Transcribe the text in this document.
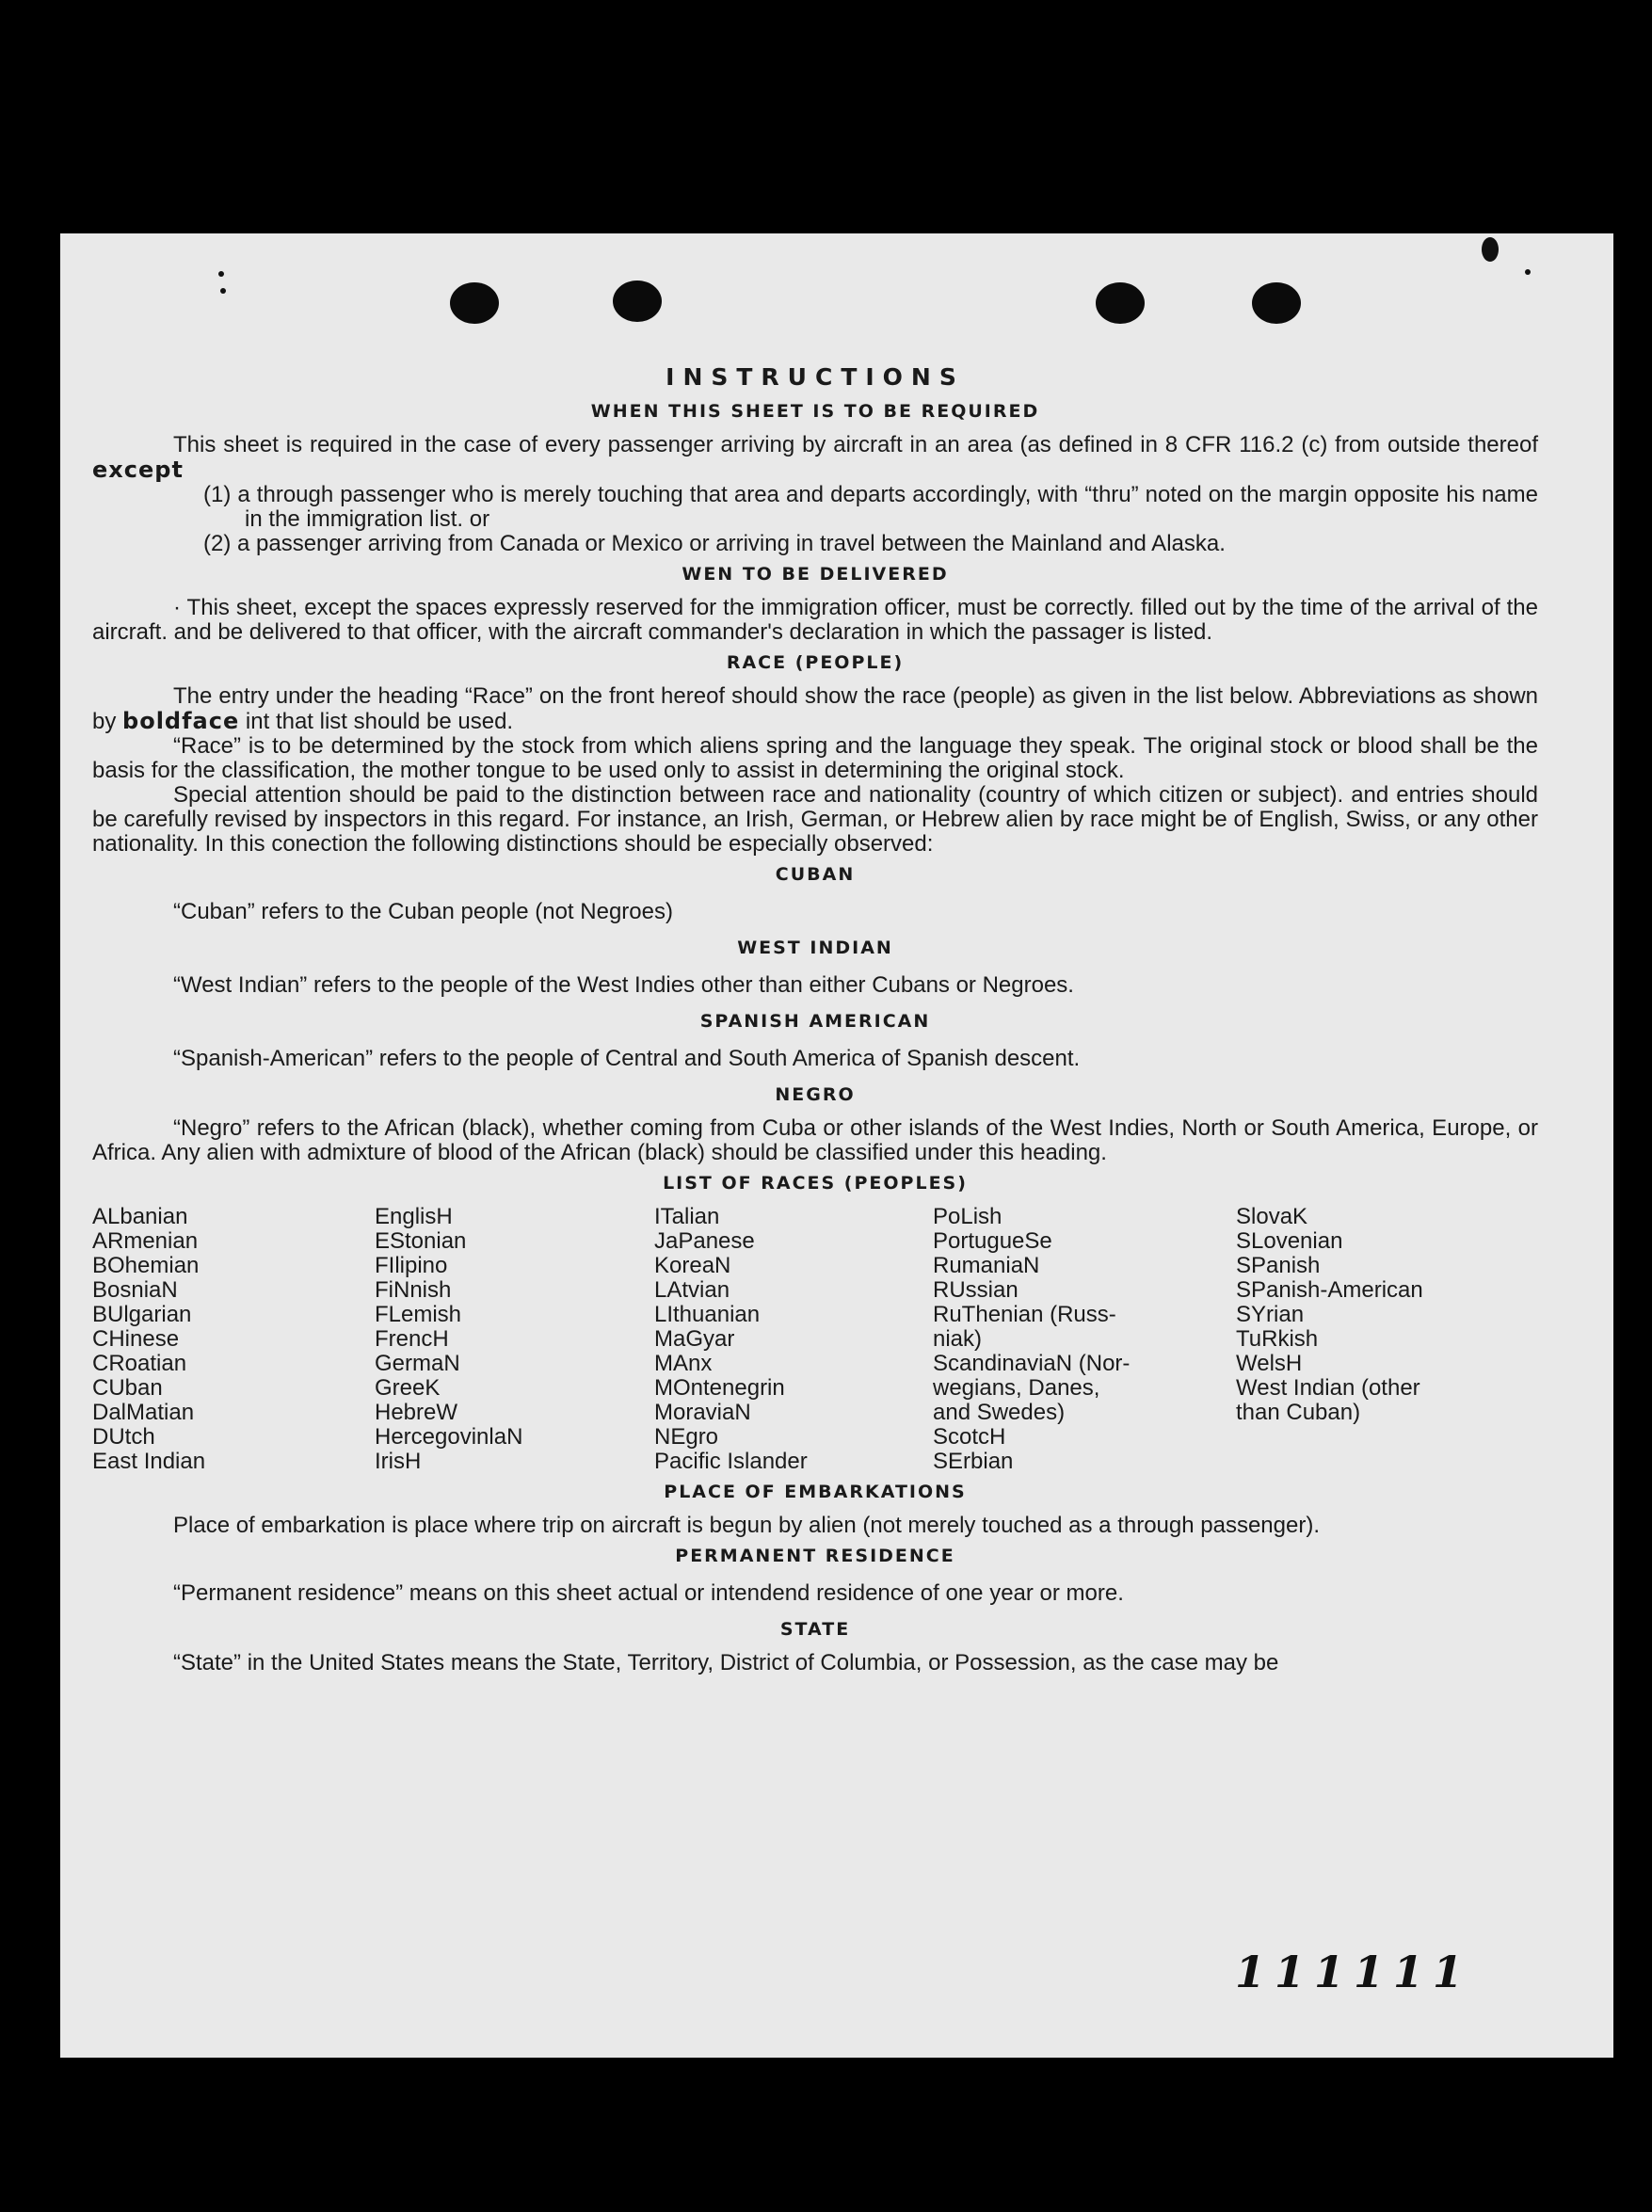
INSTRUCTIONS
WHEN THIS SHEET IS TO BE REQUIRED

This sheet is required in the case of every passenger arriving by aircraft in an area (as defined in 8 CFR 116.2 (c) from outside thereof except

(1) a through passenger who is merely touching that area and departs accordingly, with “thru” noted on the margin opposite his name in the immigration list. or

(2) a passenger arriving from Canada or Mexico or arriving in travel between the Mainland and Alaska.

WEN TO BE DELIVERED

· This sheet, except the spaces expressly reserved for the immigration officer, must be correctly. filled out by the time of the arrival of the aircraft. and be delivered to that officer, with the aircraft commander's declaration in which the passager is listed.

RACE (PEOPLE)

The entry under the heading “Race” on the front hereof should show the race (people) as given in the list below. Abbreviations as shown by boldface int that list should be used.

“Race” is to be determined by the stock from which aliens spring and the language they speak. The original stock or blood shall be the basis for the classification, the mother tongue to be used only to assist in determining the original stock.

Special attention should be paid to the distinction between race and nationality (country of which citizen or subject). and entries should be carefully revised by inspectors in this regard. For instance, an Irish, German, or Hebrew alien by race might be of English, Swiss, or any other nationality. In this conection the following distinctions should be especially observed:

CUBAN

“Cuban” refers to the Cuban people (not Negroes)

WEST INDIAN

“West Indian” refers to the people of the West Indies other than either Cubans or Negroes.

SPANISH AMERICAN

“Spanish-American” refers to the people of Central and South America of Spanish descent.

NEGRO

“Negro” refers to the African (black), whether coming from Cuba or other islands of the West Indies, North or South America, Europe, or Africa. Any alien with admixture of blood of the African (black) should be classified under this heading.

LIST OF RACES (PEOPLES)
ALbanian
ARmenian
BOhemian
BosniaN
BUlgarian
CHinese
CRoatian
CUban
DalMatian
DUtch
East Indian
EnglisH
EStonian
FIlipino
FiNnish
FLemish
FrencH
GermaN
GreeK
HebreW
HercegovinlaN
IrisH
ITalian
JaPanese
KoreaN
LAtvian
LIthuanian
MaGyar
MAnx
MOntenegrin
MoraviaN
NEgro
Pacific Islander
PoLish
PortugueSe
RumaniaN
RUssian
RuThenian (Russ-
niak)
ScandinaviaN (Nor-
wegians, Danes,
and Swedes)
ScotcH
SErbian
SlovaK
SLovenian
SPanish
SPanish-American
SYrian
TuRkish
WelsH
West Indian (other
than Cuban)
PLACE OF EMBARKATIONS

Place of embarkation is place where trip on aircraft is begun by alien (not merely touched as a through passenger).

PERMANENT RESIDENCE

“Permanent residence” means on this sheet actual or intendend residence of one year or more.

STATE

“State” in the United States means the State, Territory, District of Columbia, or Possession, as the case may be

111111
